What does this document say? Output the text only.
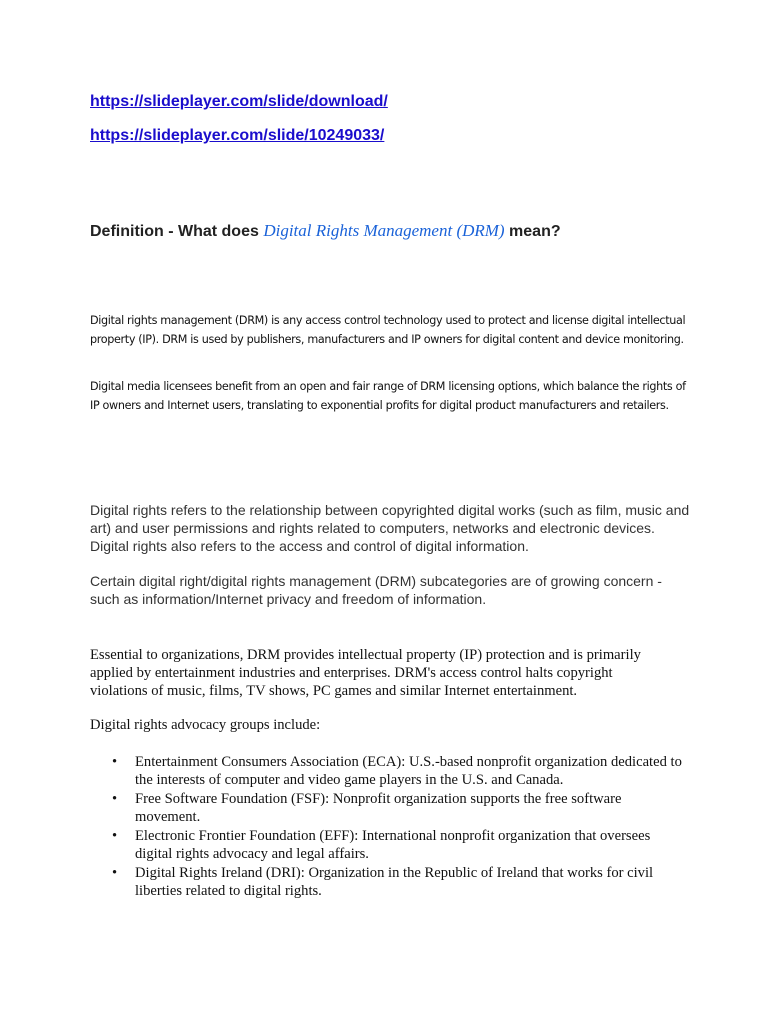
https://slideplayer.com/slide/download/
https://slideplayer.com/slide/10249033/
Definition - What does Digital Rights Management (DRM) mean?

Digital rights management (DRM) is any access control technology used to protect and license digital intellectual property (IP). DRM is used by publishers, manufacturers and IP owners for digital content and device monitoring.

Digital media licensees benefit from an open and fair range of DRM licensing options, which balance the rights of IP owners and Internet users, translating to exponential profits for digital product manufacturers and retailers.

Digital rights refers to the relationship between copyrighted digital works (such as film, music and art) and user permissions and rights related to computers, networks and electronic devices. Digital rights also refers to the access and control of digital information.

Certain digital right/digital rights management (DRM) subcategories are of growing concern - such as information/Internet privacy and freedom of information.

Essential to organizations, DRM provides intellectual property (IP) protection and is primarily applied by entertainment industries and enterprises. DRM's access control halts copyright violations of music, films, TV shows, PC games and similar Internet entertainment.

Digital rights advocacy groups include:

• Entertainment Consumers Association (ECA): U.S.-based nonprofit organization dedicated to the interests of computer and video game players in the U.S. and Canada.
• Free Software Foundation (FSF): Nonprofit organization supports the free software movement.
• Electronic Frontier Foundation (EFF): International nonprofit organization that oversees digital rights advocacy and legal affairs.
• Digital Rights Ireland (DRI): Organization in the Republic of Ireland that works for civil liberties related to digital rights.
